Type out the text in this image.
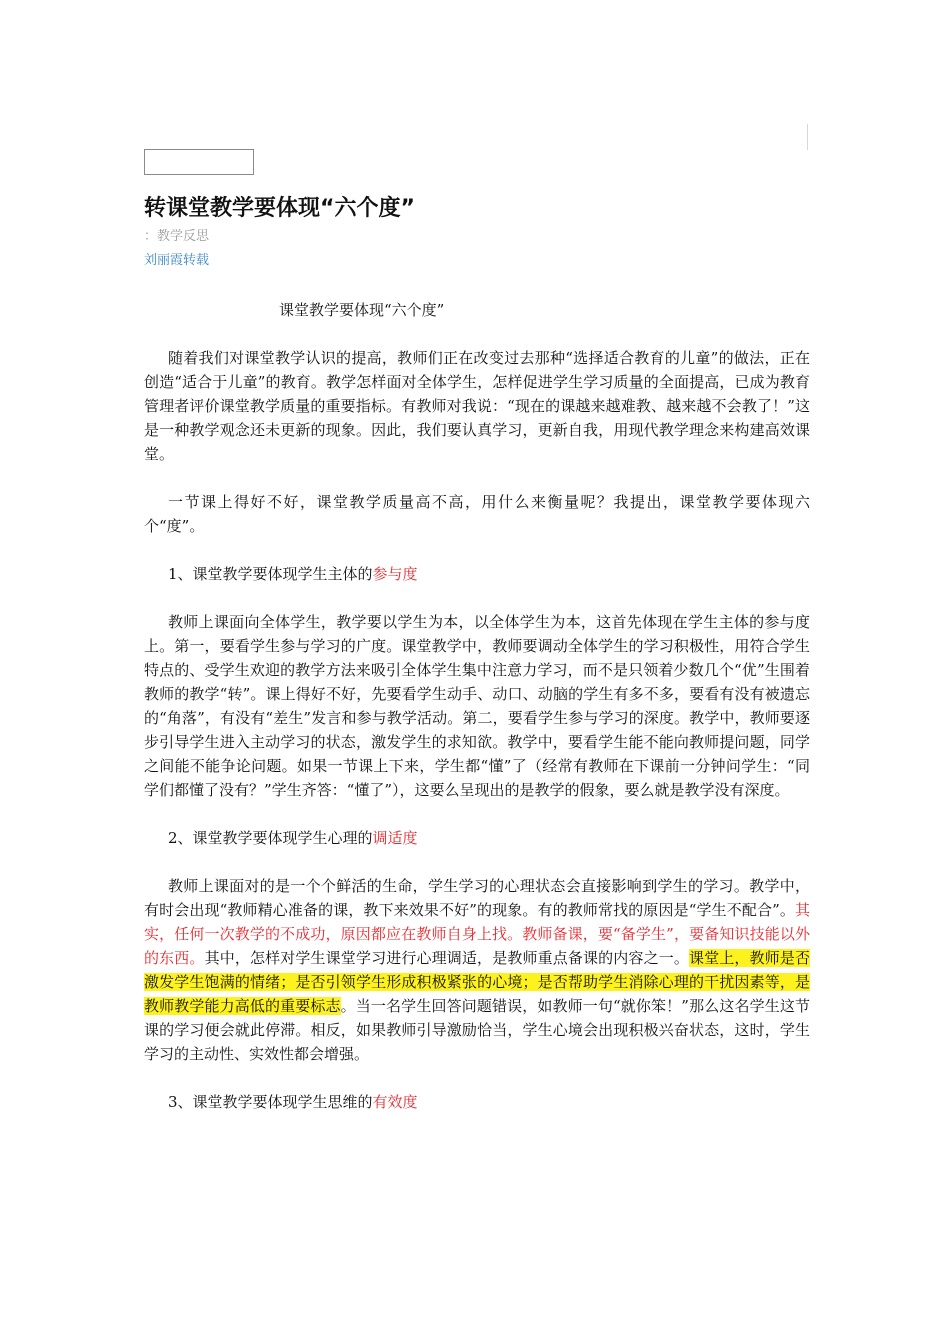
转课堂教学要体现“六个度”
：教学反思
刘丽霞转载

课堂教学要体现“六个度”

随着我们对课堂教学认识的提高，教师们正在改变过去那种“选择适合教育的儿童”的做法，正在创造“适合于儿童”的教育。教学怎样面对全体学生，怎样促进学生学习质量的全面提高，已成为教育管理者评价课堂教学质量的重要指标。有教师对我说：“现在的课越来越难教、越来越不会教了！”这是一种教学观念还未更新的现象。因此，我们要认真学习，更新自我，用现代教学理念来构建高效课堂。

一节课上得好不好，课堂教学质量高不高，用什么来衡量呢？我提出，课堂教学要体现六个“度”。

1、课堂教学要体现学生主体的参与度

教师上课面向全体学生，教学要以学生为本，以全体学生为本，这首先体现在学生主体的参与度上。第一，要看学生参与学习的广度。课堂教学中，教师要调动全体学生的学习积极性，用符合学生特点的、受学生欢迎的教学方法来吸引全体学生集中注意力学习，而不是只领着少数几个“优”生围着教师的教学“转”。课上得好不好，先要看学生动手、动口、动脑的学生有多不多，要看有没有被遗忘的“角落”，有没有“差生”发言和参与教学活动。第二，要看学生参与学习的深度。教学中，教师要逐步引导学生进入主动学习的状态，激发学生的求知欲。教学中，要看学生能不能向教师提问题，同学之间能不能争论问题。如果一节课上下来，学生都“懂”了（经常有教师在下课前一分钟问学生：“同学们都懂了没有？”学生齐答：“懂了”），这要么呈现出的是教学的假象，要么就是教学没有深度。

2、课堂教学要体现学生心理的调适度

教师上课面对的是一个个鲜活的生命，学生学习的心理状态会直接影响到学生的学习。教学中，有时会出现“教师精心准备的课，教下来效果不好”的现象。有的教师常找的原因是“学生不配合”。其实，任何一次教学的不成功，原因都应在教师自身上找。教师备课，要“备学生”，要备知识技能以外的东西。其中，怎样对学生课堂学习进行心理调适，是教师重点备课的内容之一。课堂上，教师是否激发学生饱满的情绪；是否引领学生形成积极紧张的心境；是否帮助学生消除心理的干扰因素等，是教师教学能力高低的重要标志。当一名学生回答问题错误，如教师一句“就你笨！”那么这名学生这节课的学习便会就此停滞。相反，如果教师引导激励恰当，学生心境会出现积极兴奋状态，这时，学生学习的主动性、实效性都会增强。

3、课堂教学要体现学生思维的有效度
